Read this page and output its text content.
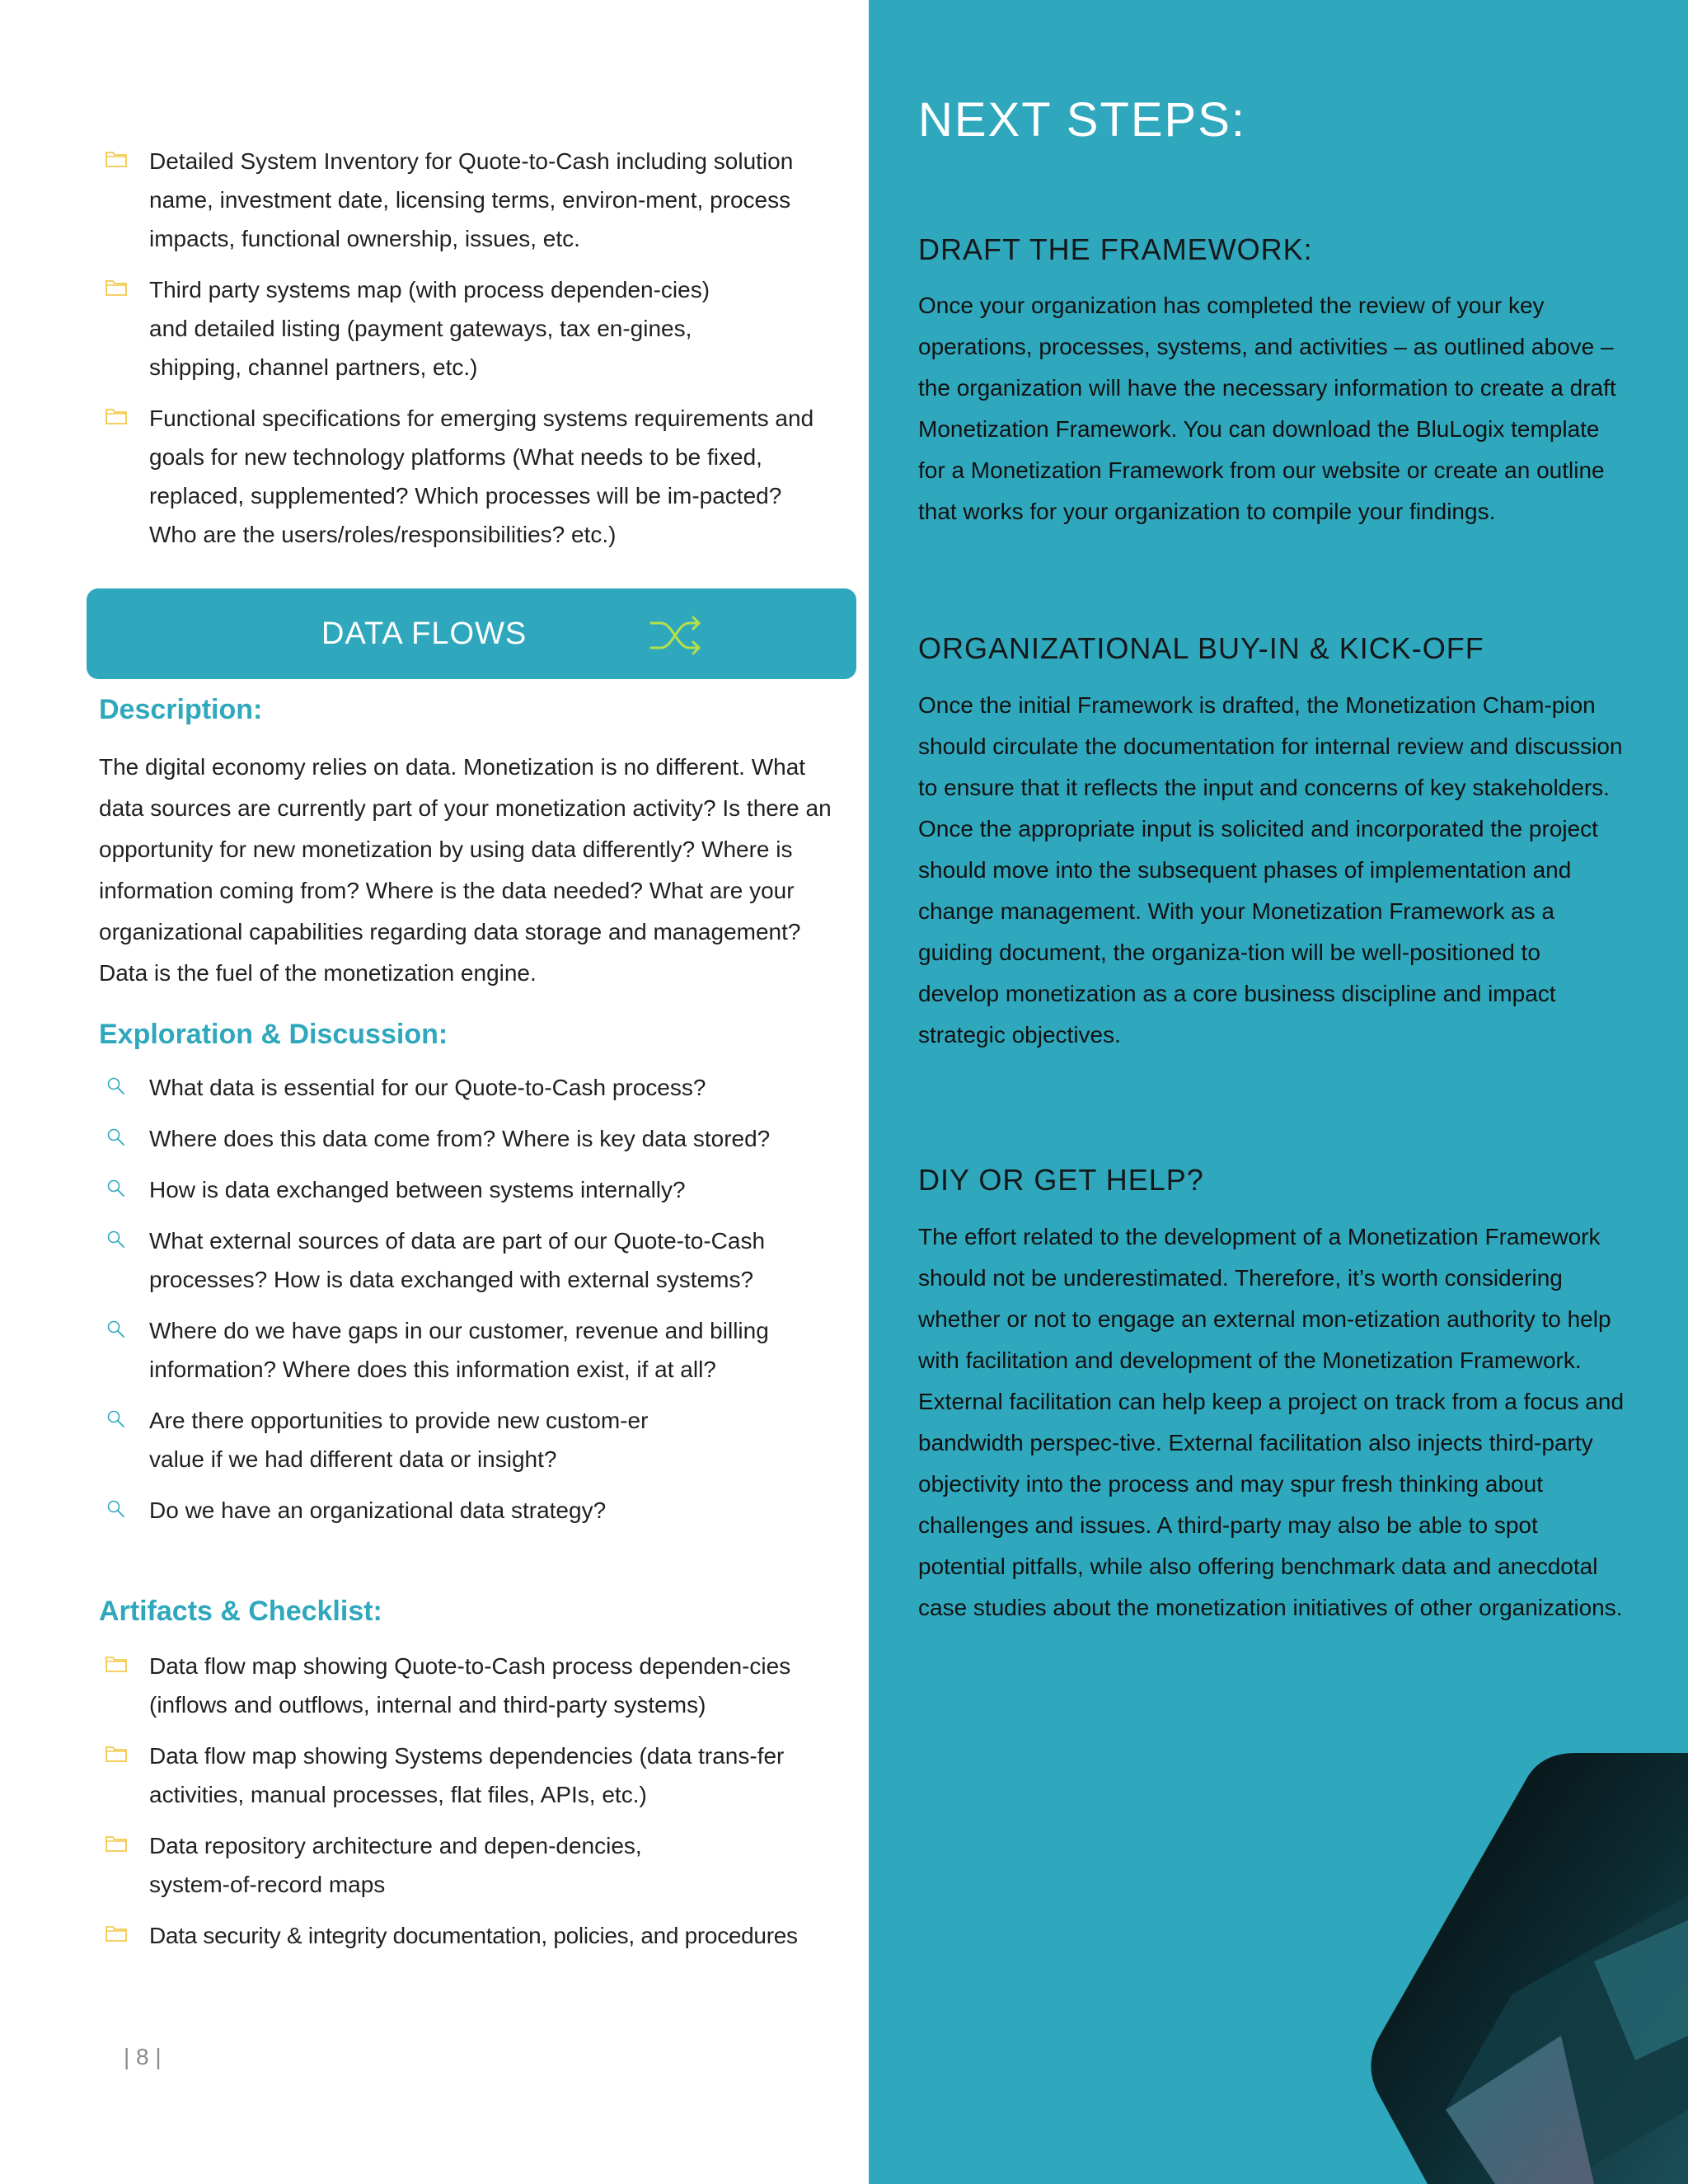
Detailed System Inventory for Quote-to-Cash including solution name, investment date, licensing terms, environ-ment, process impacts, functional ownership, issues, etc.
Third party systems map (with process dependen-cies) and detailed listing (payment gateways, tax en-gines, shipping, channel partners, etc.)
Functional specifications for emerging systems requirements and goals for new technology platforms (What needs to be fixed, replaced, supplemented? Which processes will be im-pacted? Who are the users/roles/responsibilities? etc.)
DATA FLOWS
Description:
The digital economy relies on data. Monetization is no different. What data sources are currently part of your monetization activity? Is there an opportunity for new monetization by using data differently? Where is information coming from? Where is the data needed? What are your organizational capabilities regarding data storage and management? Data is the fuel of the monetization engine.
Exploration & Discussion:
What data is essential for our Quote-to-Cash process?
Where does this data come from? Where is key data stored?
How is data exchanged between systems internally?
What external sources of data are part of our Quote-to-Cash processes? How is data exchanged with external systems?
Where do we have gaps in our customer, revenue and billing information? Where does this information exist, if at all?
Are there opportunities to provide new custom-er value if we had different data or insight?
Do we have an organizational data strategy?
Artifacts & Checklist:
Data flow map showing Quote-to-Cash process dependen-cies (inflows and outflows, internal and third-party systems)
Data flow map showing Systems dependencies (data trans-fer activities, manual processes, flat files, APIs, etc.)
Data repository architecture and depen-dencies, system-of-record maps
Data security & integrity documentation, policies, and procedures
| 8 |
NEXT STEPS:
DRAFT THE FRAMEWORK:
Once your organization has completed the review of your key operations, processes, systems, and activities – as outlined above – the organization will have the necessary information to create a draft Monetization Framework. You can download the BluLogix template for a Monetization Framework from our website or create an outline that works for your organization to compile your findings.
ORGANIZATIONAL BUY-IN & KICK-OFF
Once the initial Framework is drafted, the Monetization Cham-pion should circulate the documentation for internal review and discussion to ensure that it reflects the input and concerns of key stakeholders. Once the appropriate input is solicited and incorporated the project should move into the subsequent phases of implementation and change management. With your Monetization Framework as a guiding document, the organiza-tion will be well-positioned to develop monetization as a core business discipline and impact strategic objectives.
DIY OR GET HELP?
The effort related to the development of a Monetization Framework should not be underestimated. Therefore, it’s worth considering whether or not to engage an external mon-etization authority to help with facilitation and development of the Monetization Framework. External facilitation can help keep a project on track from a focus and bandwidth perspec-tive. External facilitation also injects third-party objectivity into the process and may spur fresh thinking about challenges and issues. A third-party may also be able to spot potential pitfalls, while also offering benchmark data and anecdotal case studies about the monetization initiatives of other organizations.
